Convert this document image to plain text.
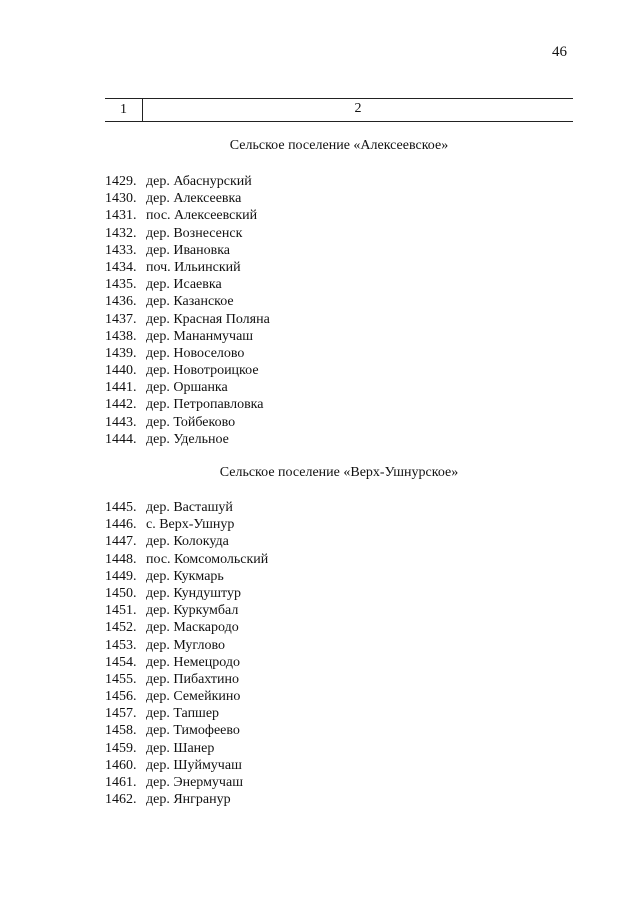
46
1	2
Сельское поселение «Алексеевское»
1429. дер. Абаснурский
1430. дер. Алексеевка
1431. пос. Алексеевский
1432. дер. Вознесенск
1433. дер. Ивановка
1434. поч. Ильинский
1435. дер. Исаевка
1436. дер. Казанское
1437. дер. Красная Поляна
1438. дер. Мананмучаш
1439. дер. Новоселово
1440. дер. Новотроицкое
1441. дер. Оршанка
1442. дер. Петропавловка
1443. дер. Тойбеково
1444. дер. Удельное
Сельское поселение «Верх-Ушнурское»
1445. дер. Васташуй
1446. с. Верх-Ушнур
1447. дер. Колокуда
1448. пос. Комсомольский
1449. дер. Кукмарь
1450. дер. Кундуштур
1451. дер. Куркумбал
1452. дер. Маскародо
1453. дер. Муглово
1454. дер. Немецродо
1455. дер. Пибахтино
1456. дер. Семейкино
1457. дер. Тапшер
1458. дер. Тимофеево
1459. дер. Шанер
1460. дер. Шуймучаш
1461. дер. Энермучаш
1462. дер. Янгранур
